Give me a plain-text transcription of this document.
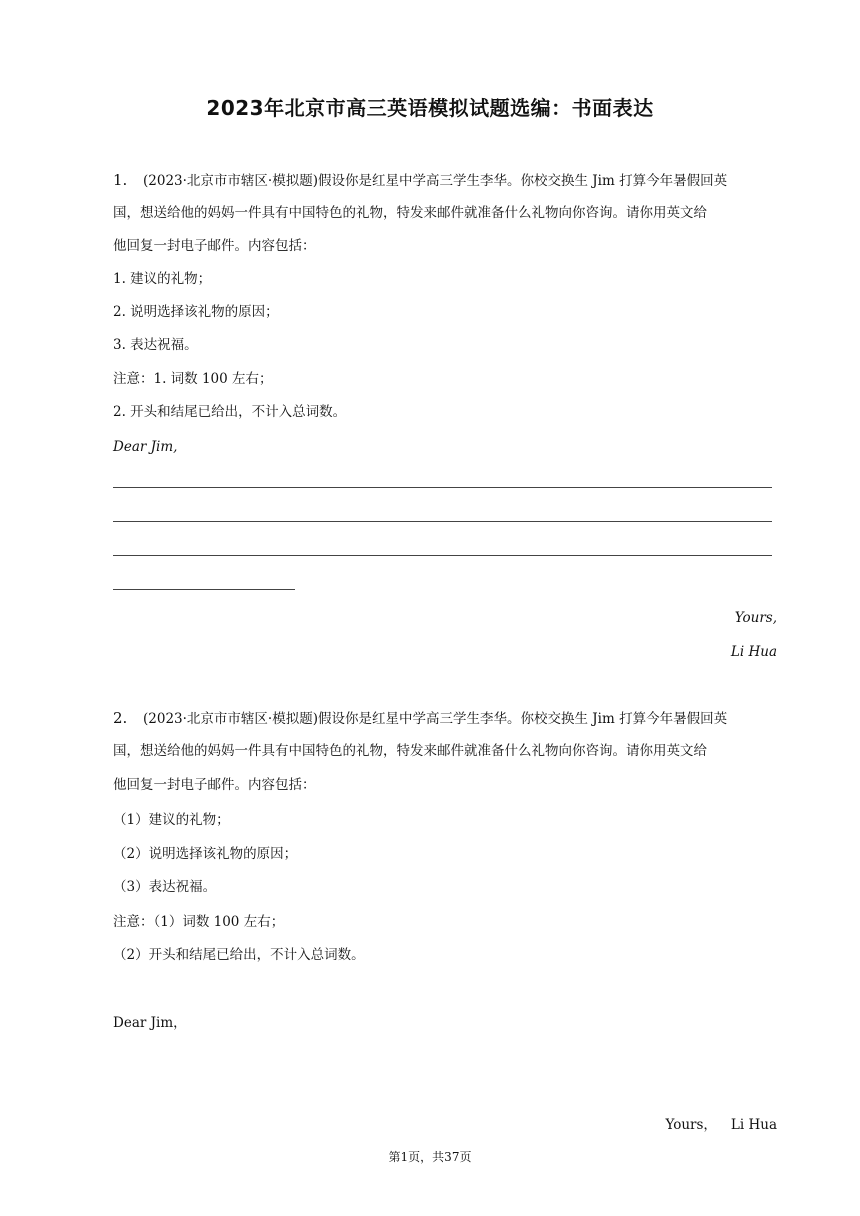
2023年北京市高三英语模拟试题选编：书面表达
1. (2023·北京市市辖区·模拟题)假设你是红星中学高三学生李华。你校交换生 Jim 打算今年暑假回英
国，想送给他的妈妈一件具有中国特色的礼物，特发来邮件就准备什么礼物向你咨询。请你用英文给
他回复一封电子邮件。内容包括：
1. 建议的礼物；
2. 说明选择该礼物的原因；
3. 表达祝福。
注意：1. 词数 100 左右；
2. 开头和结尾已给出，不计入总词数。
Dear Jim,
Yours,
Li Hua
2. (2023·北京市市辖区·模拟题)假设你是红星中学高三学生李华。你校交换生 Jim 打算今年暑假回英
国，想送给他的妈妈一件具有中国特色的礼物，特发来邮件就准备什么礼物向你咨询。请你用英文给
他回复一封电子邮件。内容包括：
（1）建议的礼物；
（2）说明选择该礼物的原因；
（3）表达祝福。
注意：（1）词数 100 左右；
（2）开头和结尾已给出，不计入总词数。
Dear Jim，
Yours， Li Hua
第1页，共37页
